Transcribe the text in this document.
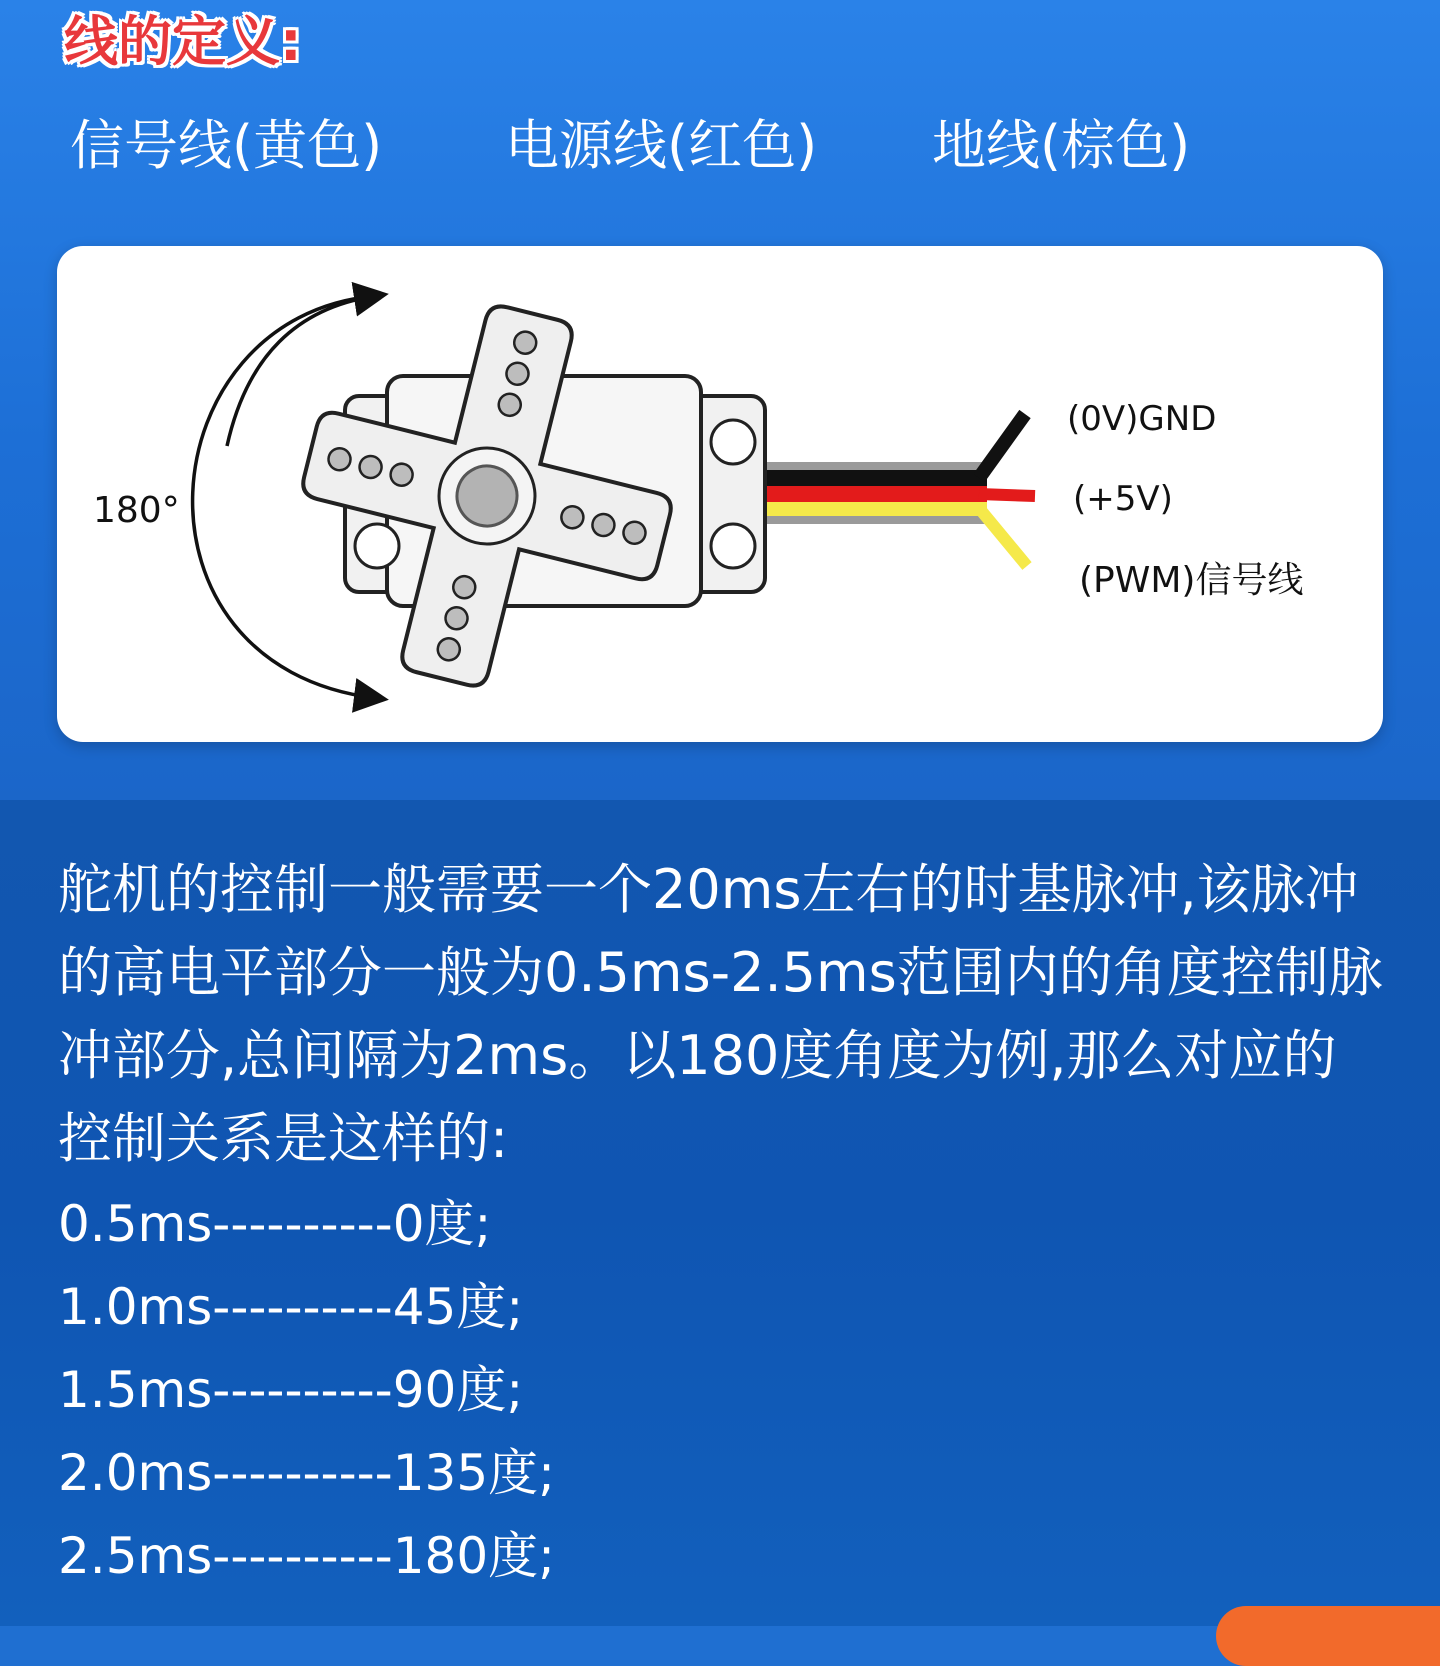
线的定义:
信号线(黄色) 电源线(红色) 地线(棕色)
180°
(0V)GND
(+5V)
(PWM)信号线

舵机的控制一般需要一个20ms左右的时基脉冲,该脉冲的高电平部分一般为0.5ms-2.5ms范围内的角度控制脉冲部分,总间隔为2ms。以180度角度为例,那么对应的控制关系是这样的:

0.5ms----------0度;
1.0ms----------45度;
1.5ms----------90度;
2.0ms----------135度;
2.5ms----------180度;
